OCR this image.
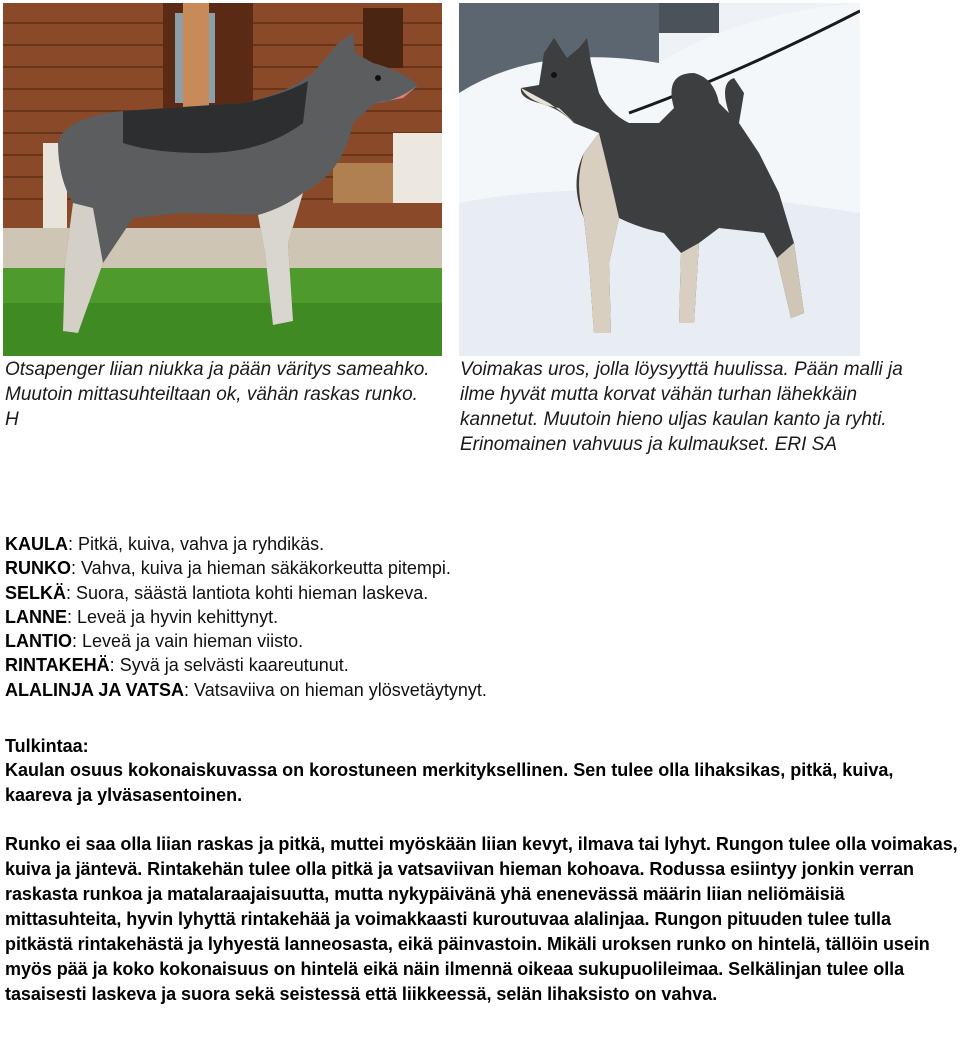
Otsapenger liian niukka ja pään väritys sameahko. Muutoin mittasuhteiltaan ok, vähän raskas runko. H

Voimakas uros, jolla löysyyttä huulissa. Pään malli ja ilme hyvät mutta korvat vähän turhan lähekkäin kannetut. Muutoin hieno uljas kaulan kanto ja ryhti. Erinomainen vahvuus ja kulmaukset. ERI SA

KAULA: Pitkä, kuiva, vahva ja ryhdikäs.
RUNKO: Vahva, kuiva ja hieman säkäkorkeutta pitempi.
SELKÄ: Suora, säästä lantiota kohti hieman laskeva.
LANNE: Leveä ja hyvin kehittynyt.
LANTIO: Leveä ja vain hieman viisto.
RINTAKEHÄ: Syvä ja selvästi kaareutunut.
ALALINJA JA VATSA: Vatsaviiva on hieman ylösvetäytynyt.

Tulkintaa:

Kaulan osuus kokonaiskuvassa on korostuneen merkityksellinen. Sen tulee olla lihaksikas, pitkä, kuiva, kaareva ja ylväsasentoinen.

Runko ei saa olla liian raskas ja pitkä, muttei myöskään liian kevyt, ilmava tai lyhyt. Rungon tulee olla voimakas, kuiva ja jäntevä. Rintakehän tulee olla pitkä ja vatsaviivan hieman kohoava. Rodussa esiintyy jonkin verran raskasta runkoa ja matalaraajaisuutta, mutta nykypäivänä yhä enenevässä määrin liian neliömäisiä mittasuhteita, hyvin lyhyttä rintakehää ja voimakkaasti kuroutuvaa alalinjaa. Rungon pituuden tulee tulla pitkästä rintakehästä ja lyhyestä lanneosasta, eikä päinvastoin. Mikäli uroksen runko on hintelä, tällöin usein myös pää ja koko kokonaisuus on hintelä eikä näin ilmennä oikeaa sukupuolileimaa. Selkälinjan tulee olla tasaisesti laskeva ja suora sekä seistessä että liikkeessä, selän lihaksisto on vahva.
